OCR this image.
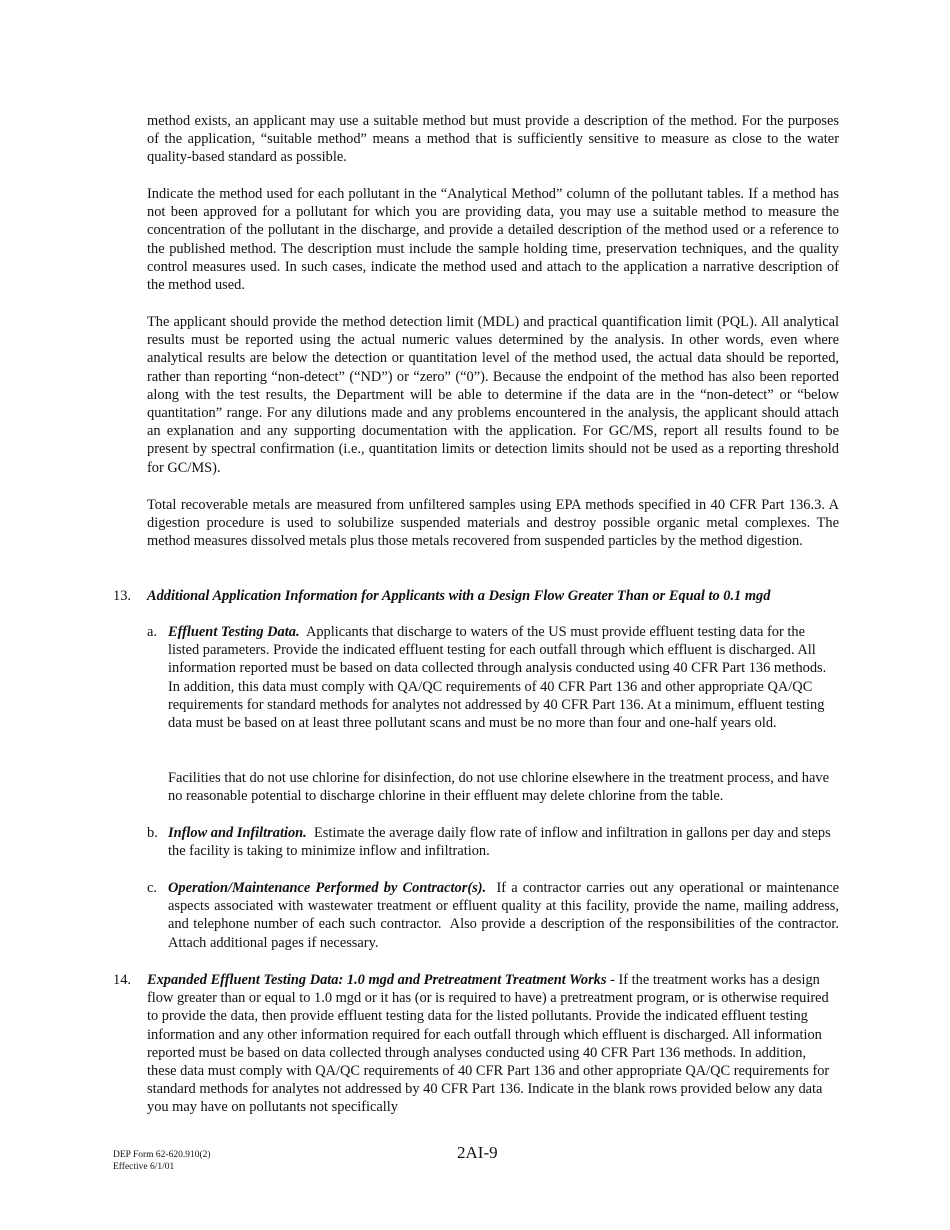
method exists, an applicant may use a suitable method but must provide a description of the method. For the purposes of the application, “suitable method” means a method that is sufficiently sensitive to measure as close to the water quality-based standard as possible.
Indicate the method used for each pollutant in the “Analytical Method” column of the pollutant tables. If a method has not been approved for a pollutant for which you are providing data, you may use a suitable method to measure the concentration of the pollutant in the discharge, and provide a detailed description of the method used or a reference to the published method. The description must include the sample holding time, preservation techniques, and the quality control measures used. In such cases, indicate the method used and attach to the application a narrative description of the method used.
The applicant should provide the method detection limit (MDL) and practical quantification limit (PQL). All analytical results must be reported using the actual numeric values determined by the analysis. In other words, even where analytical results are below the detection or quantitation level of the method used, the actual data should be reported, rather than reporting “non-detect” (“ND”) or “zero” (“0”). Because the endpoint of the method has also been reported along with the test results, the Department will be able to determine if the data are in the “non-detect” or “below quantitation” range. For any dilutions made and any problems encountered in the analysis, the applicant should attach an explanation and any supporting documentation with the application. For GC/MS, report all results found to be present by spectral confirmation (i.e., quantitation limits or detection limits should not be used as a reporting threshold for GC/MS).
Total recoverable metals are measured from unfiltered samples using EPA methods specified in 40 CFR Part 136.3. A digestion procedure is used to solubilize suspended materials and destroy possible organic metal complexes. The method measures dissolved metals plus those metals recovered from suspended particles by the method digestion.
13. Additional Application Information for Applicants with a Design Flow Greater Than or Equal to 0.1 mgd
a. Effluent Testing Data.  Applicants that discharge to waters of the US must provide effluent testing data for the listed parameters. Provide the indicated effluent testing for each outfall through which effluent is discharged. All information reported must be based on data collected through analysis conducted using 40 CFR Part 136 methods. In addition, this data must comply with QA/QC requirements of 40 CFR Part 136 and other appropriate QA/QC requirements for standard methods for analytes not addressed by 40 CFR Part 136. At a minimum, effluent testing data must be based on at least three pollutant scans and must be no more than four and one-half years old.
Facilities that do not use chlorine for disinfection, do not use chlorine elsewhere in the treatment process, and have no reasonable potential to discharge chlorine in their effluent may delete chlorine from the table.
b. Inflow and Infiltration.  Estimate the average daily flow rate of inflow and infiltration in gallons per day and steps the facility is taking to minimize inflow and infiltration.
c. Operation/Maintenance Performed by Contractor(s).  If a contractor carries out any operational or maintenance aspects associated with wastewater treatment or effluent quality at this facility, provide the name, mailing address, and telephone number of each such contractor.  Also provide a description of the responsibilities of the contractor.  Attach additional pages if necessary.
14. Expanded Effluent Testing Data: 1.0 mgd and Pretreatment Treatment Works - If the treatment works has a design flow greater than or equal to 1.0 mgd or it has (or is required to have) a pretreatment program, or is otherwise required to provide the data, then provide effluent testing data for the listed pollutants. Provide the indicated effluent testing information and any other information required for each outfall through which effluent is discharged. All information reported must be based on data collected through analyses conducted using 40 CFR Part 136 methods. In addition, these data must comply with QA/QC requirements of 40 CFR Part 136 and other appropriate QA/QC requirements for standard methods for analytes not addressed by 40 CFR Part 136. Indicate in the blank rows provided below any data you may have on pollutants not specifically
DEP Form 62-620.910(2)
Effective 6/1/01
2AI-9
